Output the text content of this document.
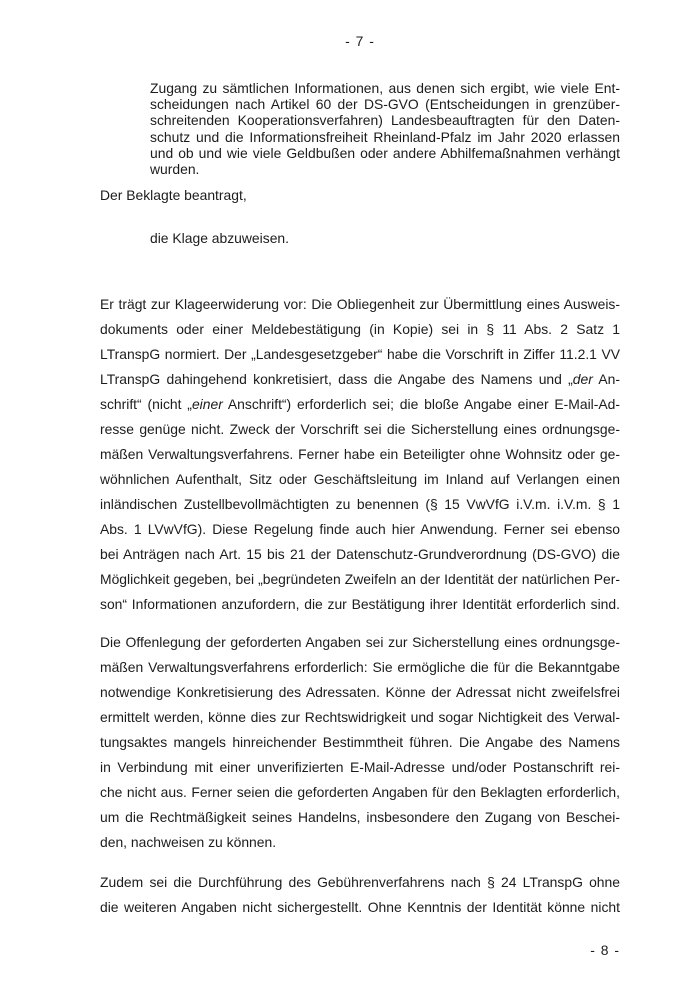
- 7 -
Zugang zu sämtlichen Informationen, aus denen sich ergibt, wie viele Ent-
scheidungen nach Artikel 60 der DS-GVO (Entscheidungen in grenzüber-
schreitenden Kooperationsverfahren) Landesbeauftragten für den Daten-
schutz und die Informationsfreiheit Rheinland-Pfalz im Jahr 2020 erlassen
und ob und wie viele Geldbußen oder andere Abhilfemaßnahmen verhängt
wurden.
Der Beklagte beantragt,
die Klage abzuweisen.
Er trägt zur Klageerwiderung vor: Die Obliegenheit zur Übermittlung eines Ausweis-
dokuments oder einer Meldebestätigung (in Kopie) sei in § 11 Abs. 2 Satz 1
LTranspG normiert. Der „Landesgesetzgeber“ habe die Vorschrift in Ziffer 11.2.1 VV
LTranspG dahingehend konkretisiert, dass die Angabe des Namens und „der An-
schrift“ (nicht „einer Anschrift“) erforderlich sei; die bloße Angabe einer E-Mail-Ad-
resse genüge nicht. Zweck der Vorschrift sei die Sicherstellung eines ordnungsge-
mäßen Verwaltungsverfahrens. Ferner habe ein Beteiligter ohne Wohnsitz oder ge-
wöhnlichen Aufenthalt, Sitz oder Geschäftsleitung im Inland auf Verlangen einen
inländischen Zustellbevollmächtigten zu benennen (§ 15 VwVfG i.V.m. i.V.m. § 1
Abs. 1 LVwVfG). Diese Regelung finde auch hier Anwendung. Ferner sei ebenso
bei Anträgen nach Art. 15 bis 21 der Datenschutz-Grundverordnung (DS-GVO) die
Möglichkeit gegeben, bei „begründeten Zweifeln an der Identität der natürlichen Per-
son“ Informationen anzufordern, die zur Bestätigung ihrer Identität erforderlich sind.
Die Offenlegung der geforderten Angaben sei zur Sicherstellung eines ordnungsge-
mäßen Verwaltungsverfahrens erforderlich: Sie ermögliche die für die Bekanntgabe
notwendige Konkretisierung des Adressaten. Könne der Adressat nicht zweifelsfrei
ermittelt werden, könne dies zur Rechtswidrigkeit und sogar Nichtigkeit des Verwal-
tungsaktes mangels hinreichender Bestimmtheit führen. Die Angabe des Namens
in Verbindung mit einer unverifizierten E-Mail-Adresse und/oder Postanschrift rei-
che nicht aus. Ferner seien die geforderten Angaben für den Beklagten erforderlich,
um die Rechtmäßigkeit seines Handelns, insbesondere den Zugang von Beschei-
den, nachweisen zu können.
Zudem sei die Durchführung des Gebührenverfahrens nach § 24 LTranspG ohne
die weiteren Angaben nicht sichergestellt. Ohne Kenntnis der Identität könne nicht
- 8 -
